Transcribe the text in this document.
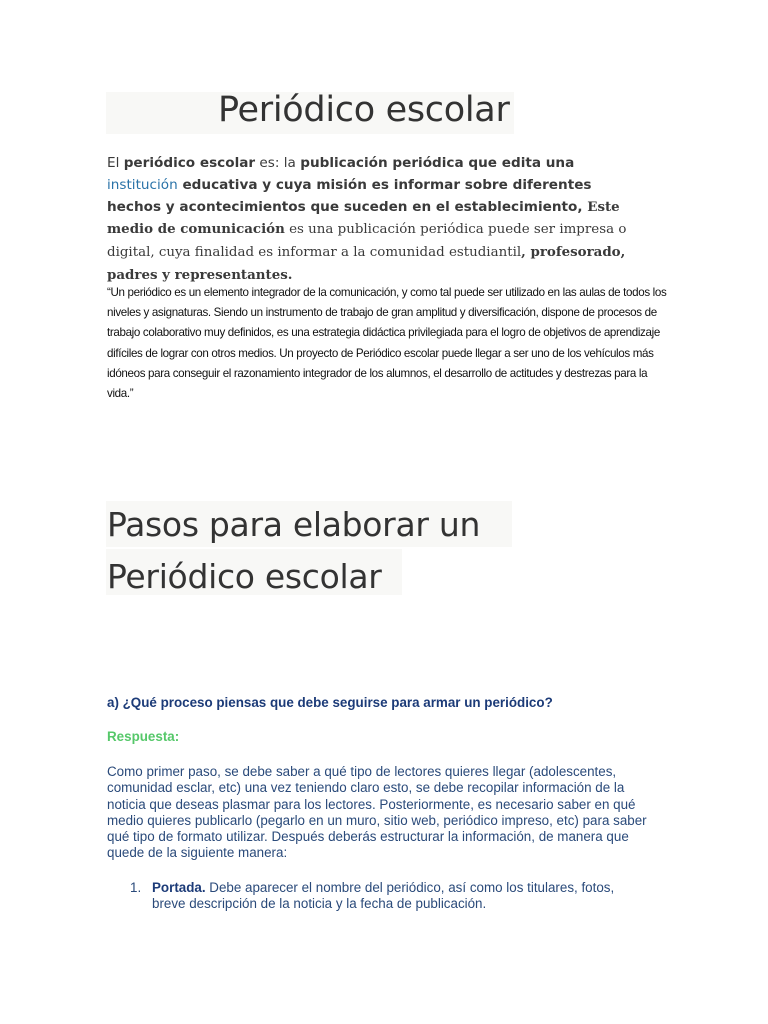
Periódico escolar
El periódico escolar es: la publicación periódica que edita una institución educativa y cuya misión es informar sobre diferentes hechos y acontecimientos que suceden en el establecimiento, Este medio de comunicación es una publicación periódica puede ser impresa o digital, cuya finalidad es informar a la comunidad estudiantil, profesorado, padres y representantes.
“Un periódico es un elemento integrador de la comunicación, y como tal puede ser utilizado en las aulas de todos los niveles y asignaturas. Siendo un instrumento de trabajo de gran amplitud y diversificación, dispone de procesos de trabajo colaborativo muy definidos, es una estrategia didáctica privilegiada para el logro de objetivos de aprendizaje difíciles de lograr con otros medios. Un proyecto de Periódico escolar puede llegar a ser uno de los vehículos más idóneos para conseguir el razonamiento integrador de los alumnos, el desarrollo de actitudes y destrezas para la vida.”
Pasos para elaborar un
Periódico escolar
a) ¿Qué proceso piensas que debe seguirse para armar un periódico?
Respuesta:
Como primer paso, se debe saber a qué tipo de lectores quieres llegar (adolescentes, comunidad esclar, etc) una vez teniendo claro esto, se debe recopilar información de la noticia que deseas plasmar para los lectores. Posteriormente, es necesario saber en qué medio quieres publicarlo (pegarlo en un muro, sitio web, periódico impreso, etc) para saber qué tipo de formato utilizar. Después deberás estructurar la información, de manera que quede de la siguiente manera:
1. Portada. Debe aparecer el nombre del periódico, así como los titulares, fotos, breve descripción de la noticia y la fecha de publicación.
